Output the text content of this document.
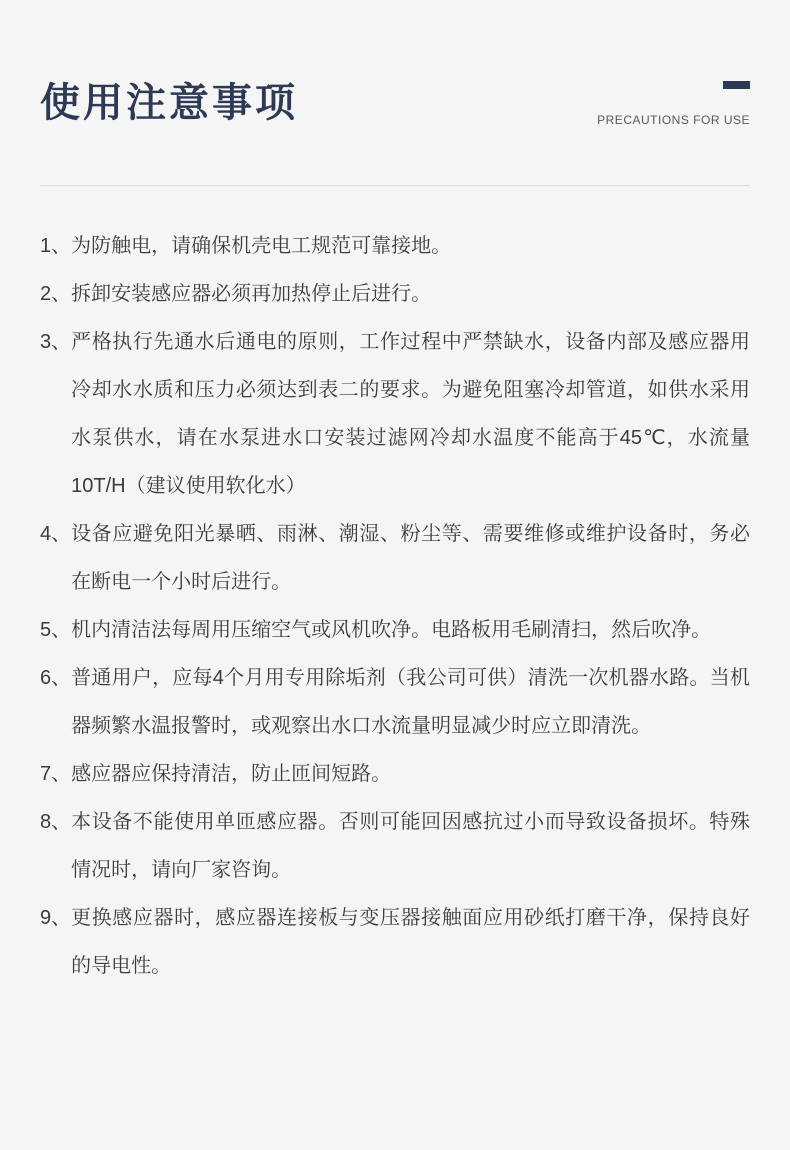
使用注意事项	PRECAUTIONS FOR USE
1、 为防触电，请确保机壳电工规范可靠接地。
2、 拆卸安装感应器必须再加热停止后进行。
3、 严格执行先通水后通电的原则，工作过程中严禁缺水，设备内部及感应器用冷却水水质和压力必须达到表二的要求。为避免阻塞冷却管道，如供水采用水泵供水，请在水泵进水口安装过滤网冷却水温度不能高于45℃，水流量10T/H（建议使用软化水）
4、 设备应避免阳光暴晒、雨淋、潮湿、粉尘等、需要维修或维护设备时，务必在断电一个小时后进行。
5、 机内清洁法每周用压缩空气或风机吹净。电路板用毛刷清扫，然后吹净。
6、 普通用户，应每4个月用专用除垢剂（我公司可供）清洗一次机器水路。当机器频繁水温报警时，或观察出水口水流量明显减少时应立即清洗。
7、 感应器应保持清洁，防止匝间短路。
8、 本设备不能使用单匝感应器。否则可能回因感抗过小而导致设备损坏。特殊情况时，请向厂家咨询。
9、 更换感应器时，感应器连接板与变压器接触面应用砂纸打磨干净，保持良好的导电性。
